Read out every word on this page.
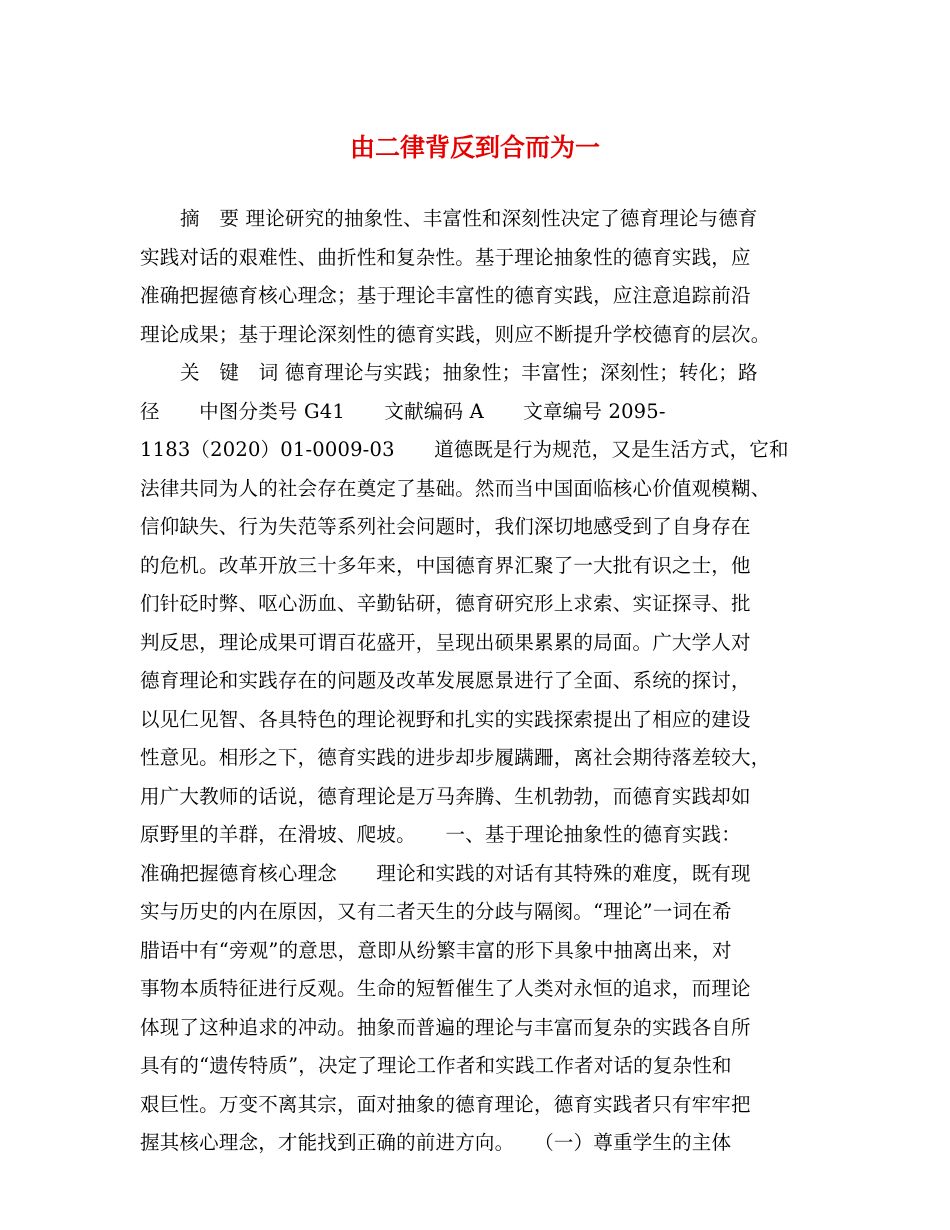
由二律背反到合而为一
摘　要 理论研究的抽象性、丰富性和深刻性决定了德育理论与德育
实践对话的艰难性、曲折性和复杂性。基于理论抽象性的德育实践，应
准确把握德育核心理念；基于理论丰富性的德育实践，应注意追踪前沿
理论成果；基于理论深刻性的德育实践，则应不断提升学校德育的层次。
关　键　词 德育理论与实践；抽象性；丰富性；深刻性；转化；路
径　　中图分类号 G41　　文献编码 A　　文章编号 2095-
1183（2020）01-0009-03　　道德既是行为规范，又是生活方式，它和
法律共同为人的社会存在奠定了基础。然而当中国面临核心价值观模糊、
信仰缺失、行为失范等系列社会问题时，我们深切地感受到了自身存在
的危机。改革开放三十多年来，中国德育界汇聚了一大批有识之士，他
们针砭时弊、呕心沥血、辛勤钻研，德育研究形上求索、实证探寻、批
判反思，理论成果可谓百花盛开，呈现出硕果累累的局面。广大学人对
德育理论和实践存在的问题及改革发展愿景进行了全面、系统的探讨，
以见仁见智、各具特色的理论视野和扎实的实践探索提出了相应的建设
性意见。相形之下，德育实践的进步却步履蹒跚，离社会期待落差较大，
用广大教师的话说，德育理论是万马奔腾、生机勃勃，而德育实践却如
原野里的羊群，在滑坡、爬坡。　　一、基于理论抽象性的德育实践：
准确把握德育核心理念　　理论和实践的对话有其特殊的难度，既有现
实与历史的内在原因，又有二者天生的分歧与隔阂。“理论”一词在希
腊语中有“旁观”的意思，意即从纷繁丰富的形下具象中抽离出来，对
事物本质特征进行反观。生命的短暂催生了人类对永恒的追求，而理论
体现了这种追求的冲动。抽象而普遍的理论与丰富而复杂的实践各自所
具有的“遗传特质”，决定了理论工作者和实践工作者对话的复杂性和
艰巨性。万变不离其宗，面对抽象的德育理论，德育实践者只有牢牢把
握其核心理念，才能找到正确的前进方向。　　（一）尊重学生的主体
